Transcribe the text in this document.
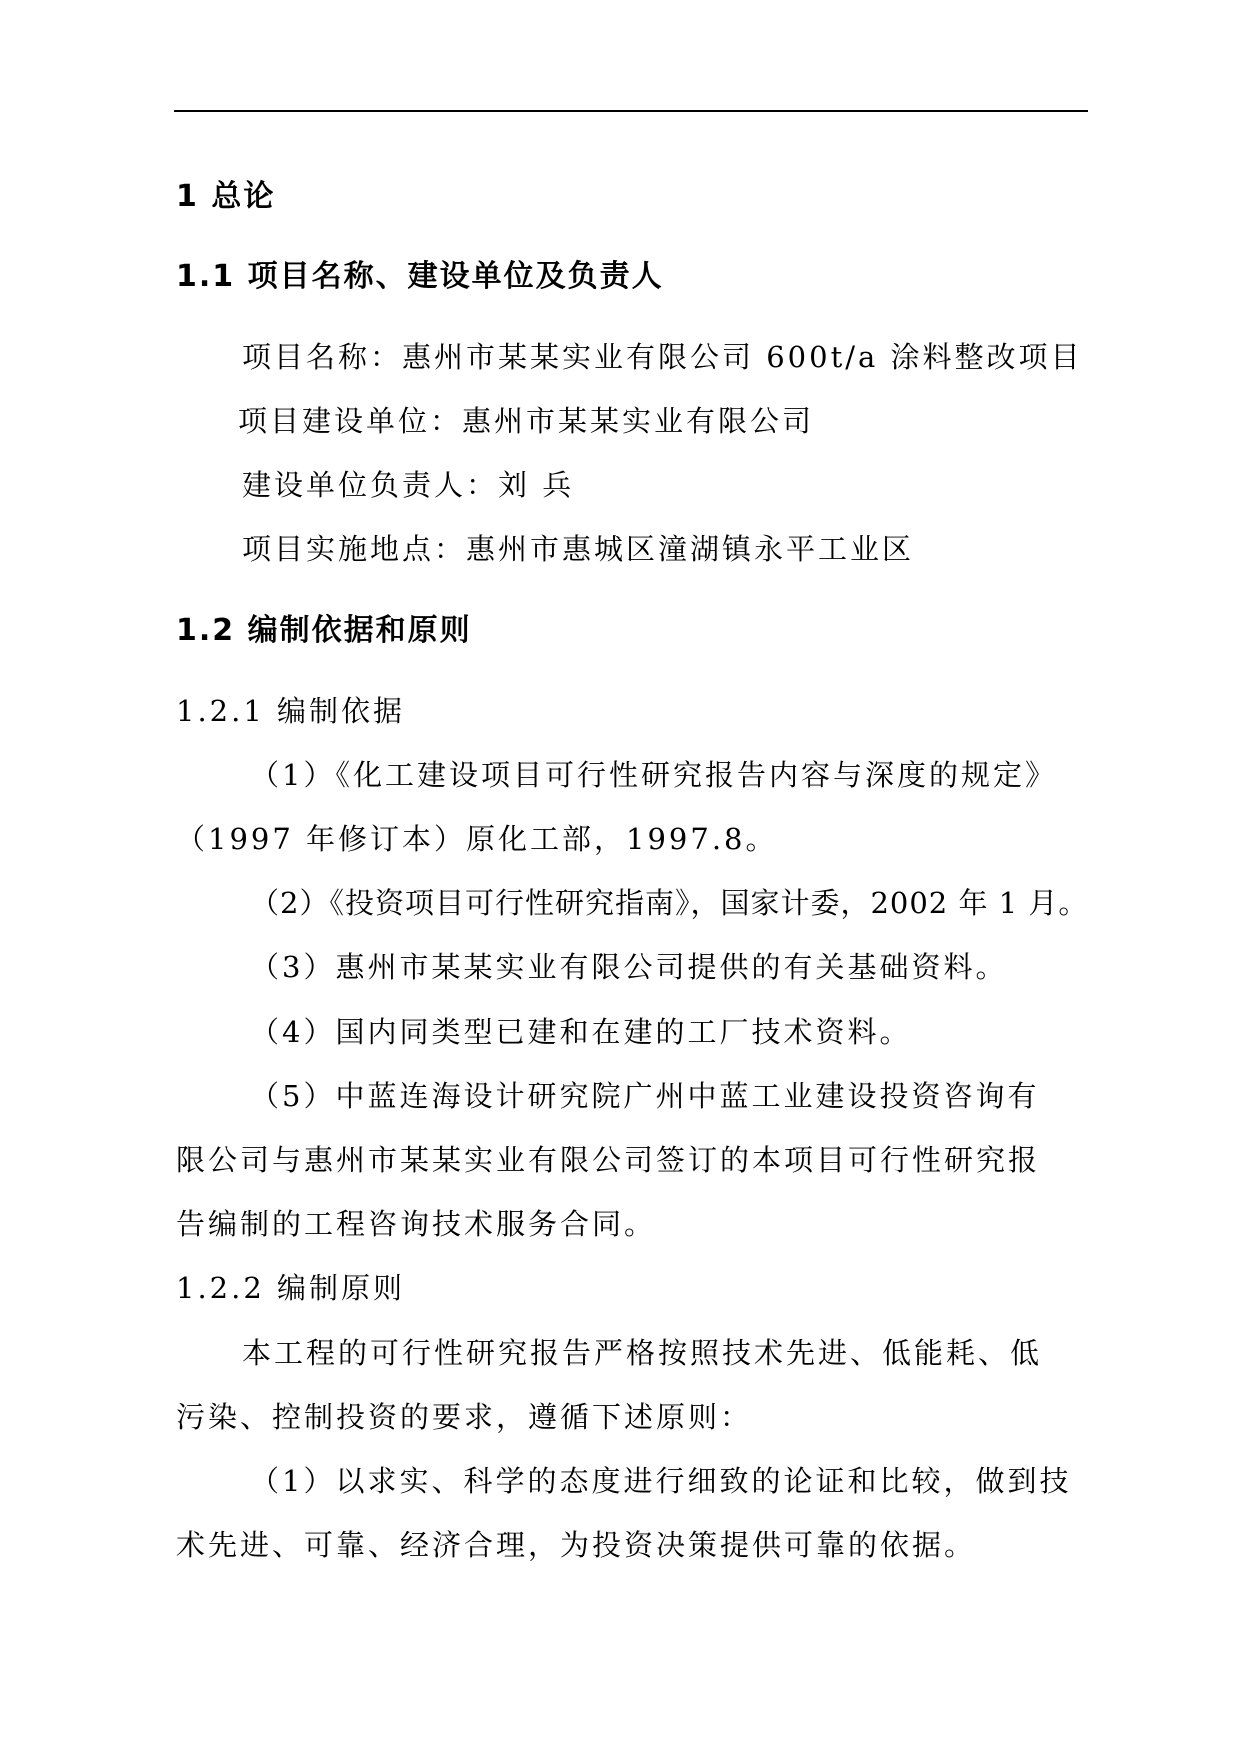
1 总论
1.1 项目名称、建设单位及负责人
项目名称：惠州市某某实业有限公司 600t/a 涂料整改项目
项目建设单位：惠州市某某实业有限公司
建设单位负责人：刘 兵
项目实施地点：惠州市惠城区潼湖镇永平工业区
1.2 编制依据和原则
1.2.1 编制依据
（1）《化工建设项目可行性研究报告内容与深度的规定》
（1997 年修订本）原化工部，1997.8。
（2）《投资项目可行性研究指南》，国家计委，2002 年 1 月。
（3）惠州市某某实业有限公司提供的有关基础资料。
（4）国内同类型已建和在建的工厂技术资料。
（5）中蓝连海设计研究院广州中蓝工业建设投资咨询有
限公司与惠州市某某实业有限公司签订的本项目可行性研究报
告编制的工程咨询技术服务合同。
1.2.2 编制原则
本工程的可行性研究报告严格按照技术先进、低能耗、低
污染、控制投资的要求，遵循下述原则：
（1）以求实、科学的态度进行细致的论证和比较，做到技
术先进、可靠、经济合理，为投资决策提供可靠的依据。
